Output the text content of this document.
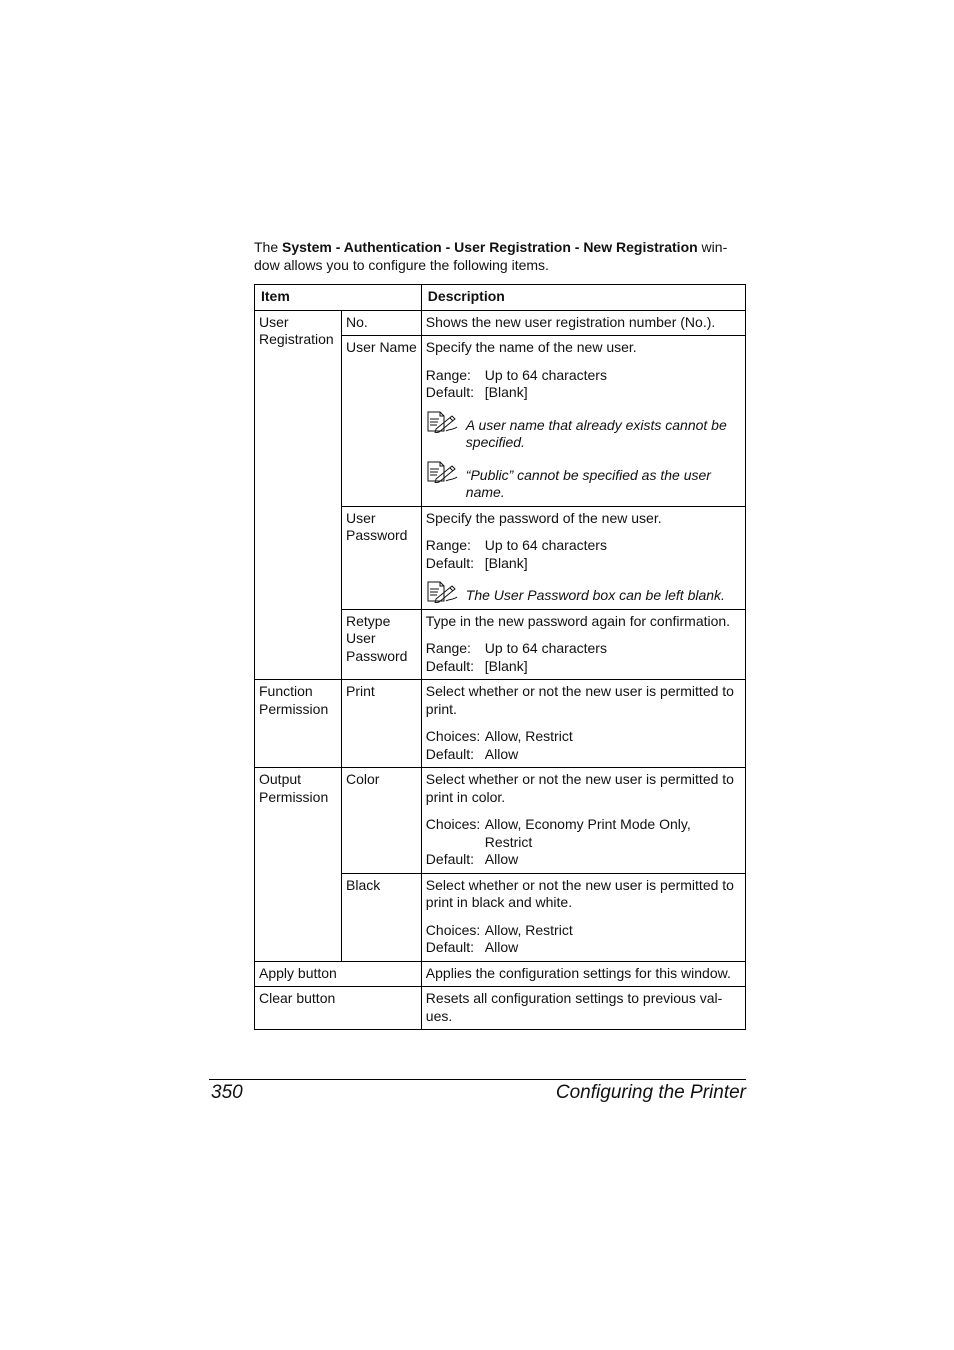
The System - Authentication - User Registration - New Registration win-dow allows you to configure the following items.
Item		Description
User Registration	No.	Shows the new user registration number (No.).

	User Name	Specify the name of the new user.

Range: Up to 64 characters

Default: [Blank]

A user name that already exists cannot be specified.
“Public” cannot be specified as the user name.

	User Password	Specify the password of the new user.

Range: Up to 64 characters

Default: [Blank]

The User Password box can be left blank.

	Retype User Password	Type in the new password again for confirmation.

Range: Up to 64 characters

Default: [Blank]

Function Permission	Print	Select whether or not the new user is permitted to print.

Choices: Allow, Restrict

Default: Allow

Output Permission	Color	Select whether or not the new user is permitted to print in color.

Choices: Allow, Economy Print Mode Only,

Restrict

Default: Allow

	Black	Select whether or not the new user is permitted to print in black and white.

Choices: Allow, Restrict

Default: Allow

Apply button		Applies the configuration settings for this window.

Clear button		Resets all configuration settings to previous val-ues.

350	Configuring the Printer
